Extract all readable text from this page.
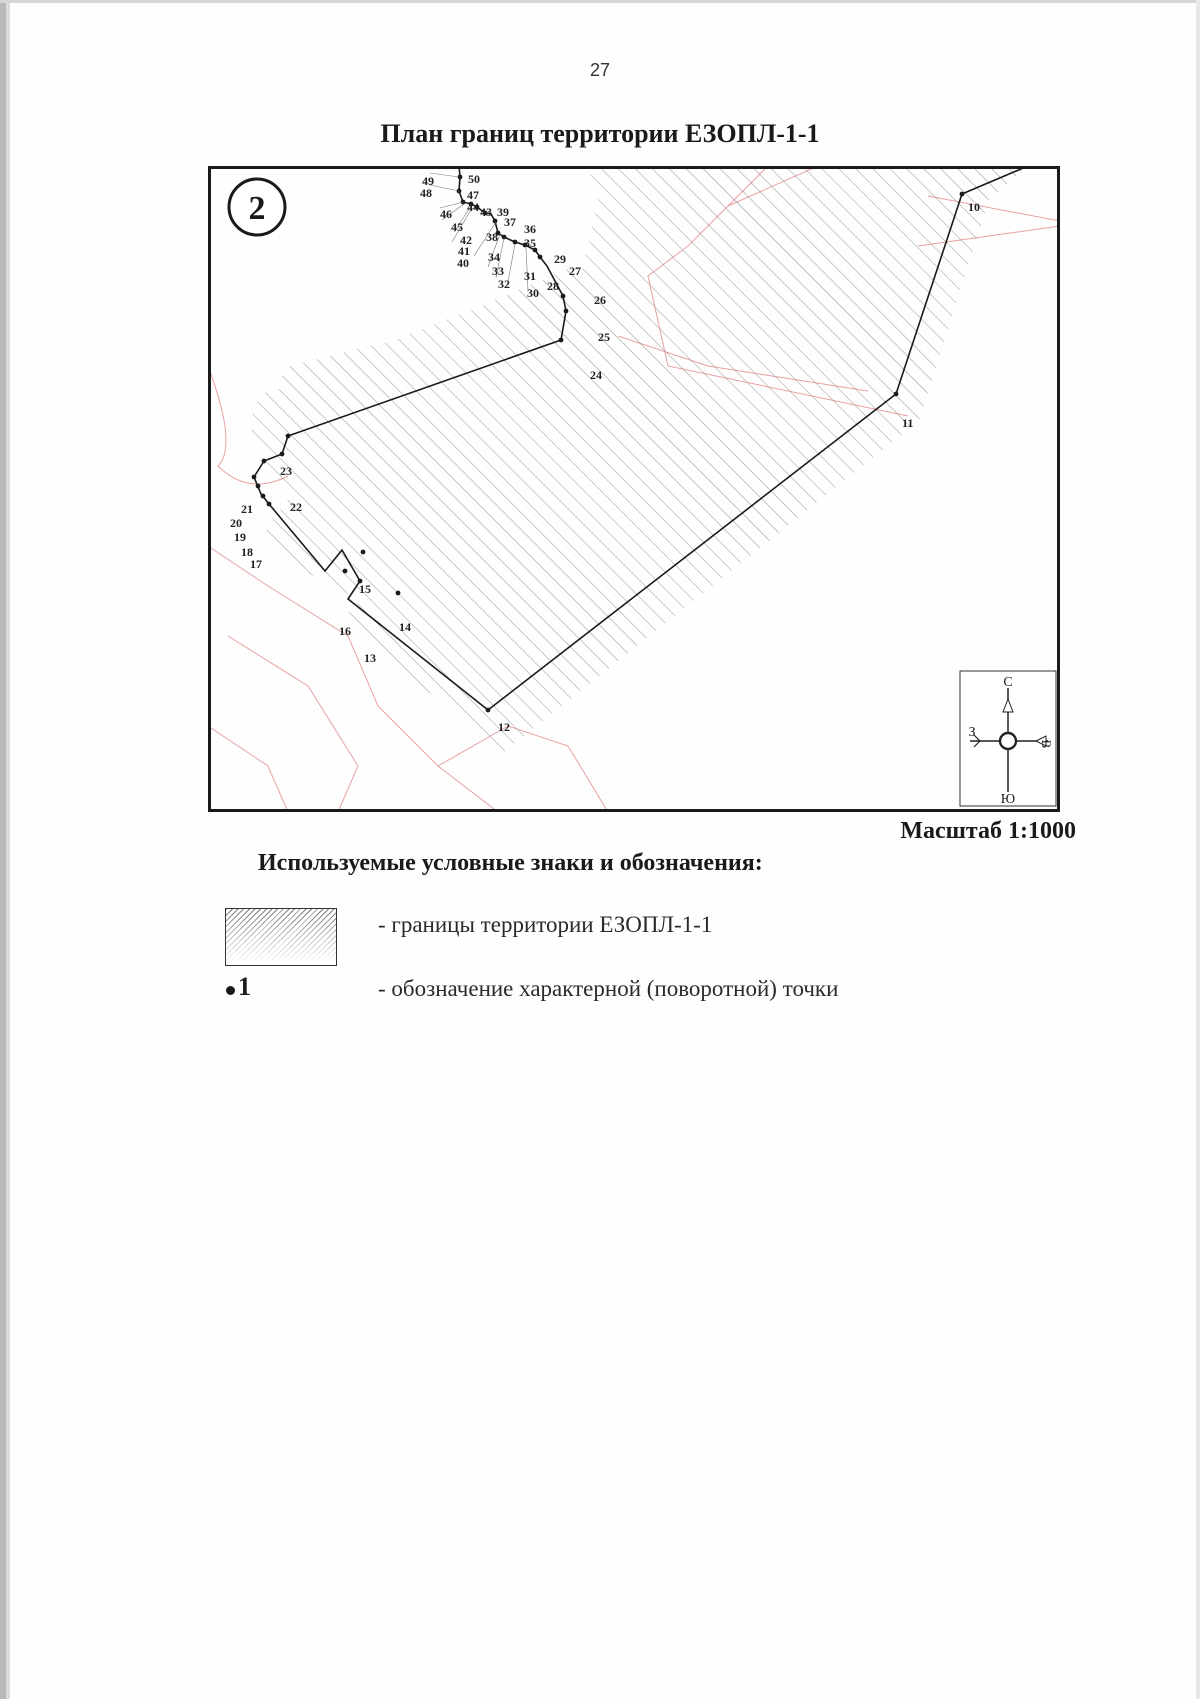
27
План границ территории ЕЗОПЛ-1-1
10
11
12
13
14
15
16
17
18
19
20
21	22
23
24
25
26
27
28
29
30
31
32
33
34
35
36
37
38
39
40
41
42
43
44
45
46
47
48
49	50
2
С
Ю
З
В
Масштаб 1:1000
Используемые условные знаки и обозначения:
- границы территории ЕЗОПЛ-1-1
1	- обозначение характерной (поворотной) точки
